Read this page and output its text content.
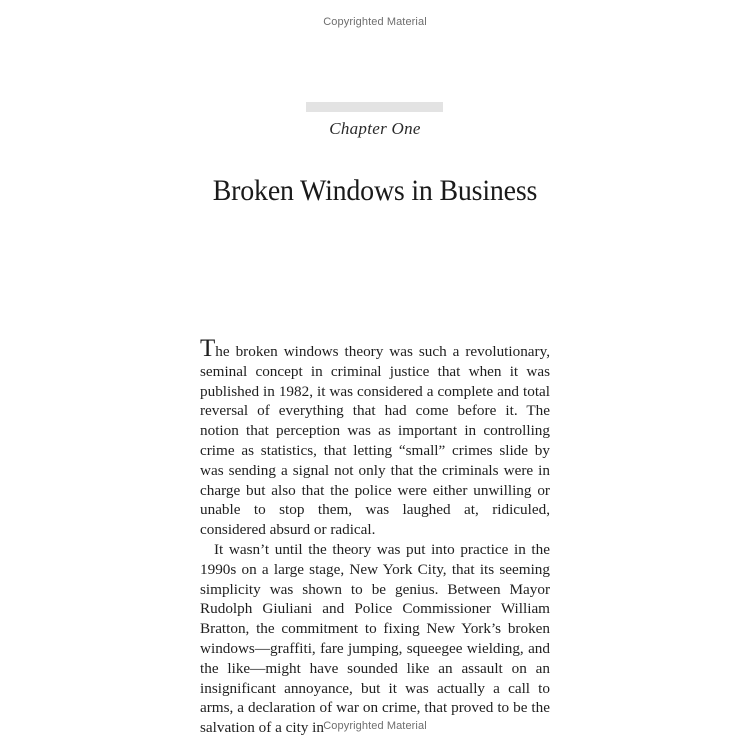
Copyrighted Material
Chapter One
Broken Windows in Business

The broken windows theory was such a revolutionary, seminal concept in criminal justice that when it was published in 1982, it was considered a complete and total reversal of everything that had come before it. The notion that perception was as important in controlling crime as statistics, that letting “small” crimes slide by was sending a signal not only that the criminals were in charge but also that the police were either unwilling or unable to stop them, was laughed at, ridiculed, considered absurd or radical.

It wasn’t until the theory was put into practice in the 1990s on a large stage, New York City, that its seeming simplicity was shown to be genius. Between Mayor Rudolph Giuliani and Police Commissioner William Bratton, the commitment to fixing New York’s broken windows—graffiti, fare jumping, squeegee wielding, and the like—might have sounded like an assault on an insignificant annoyance, but it was actually a call to arms, a declaration of war on crime, that proved to be the salvation of a city in Copyrighted Material
